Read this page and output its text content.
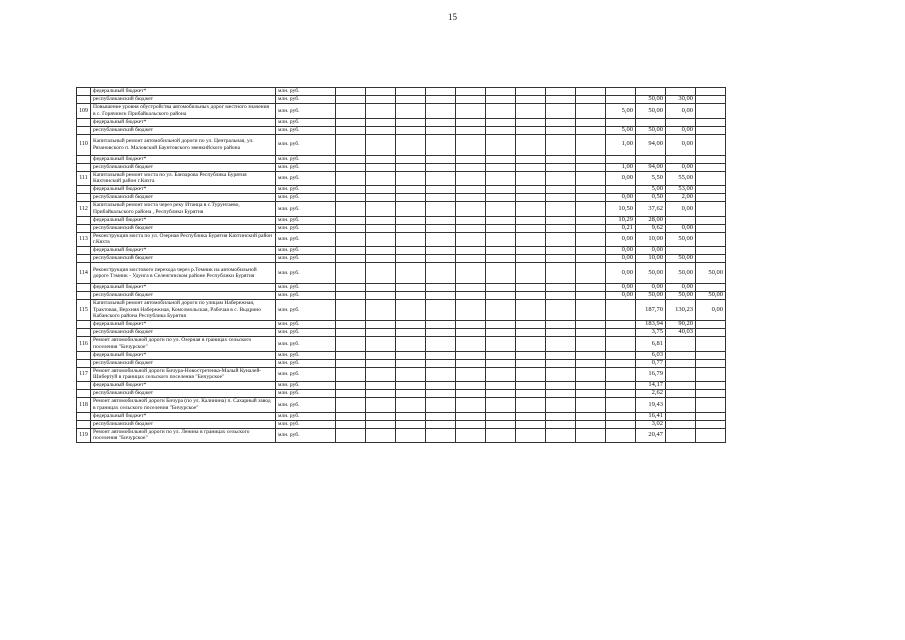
15
	федеральный бюджет*	млн. руб.													
	республиканский бюджет	млн. руб.											50,00	30,00	
109	Повышение уровня обустройства автомобильных дорог местного значения в с. Горячинск Прибайкальского района	млн. руб.										5,00	50,00	0,00	
	федеральный бюджет*	млн. руб.													
	республиканский бюджет	млн. руб.										5,00	50,00	0,00	
110	Капитальный ремонт автомобильной дороги по ул. Центральная, ул. Рязановского п. Маловский Баунтовского эвенкийского района	млн. руб.										1,00	94,00	0,00	
	федеральный бюджет*	млн. руб.													
	республиканский бюджет	млн. руб.										1,00	94,00	0,00	
111	Капитальный ремонт моста по ул. Банзарова Республика Бурятия Кяхтинский район г.Кяхта	млн. руб.										0,00	5,50	55,00	
	федеральный бюджет*	млн. руб.											5,00	53,00	
	республиканский бюджет	млн. руб.										0,00	0,50	2,00	
112	Капитальный ремонт моста через реку Итанца в с.Турунтаево, Прибайкальского района , Республики Бурятия	млн. руб.										10,50	37,62	0,00	
	федеральный бюджет*	млн. руб.										10,29	28,00		
	республиканский бюджет	млн. руб.										0,21	9,62	0,00	
113	Реконструкция моста по ул. Озерная Республика Бурятия Кяхтинский район г.Кяхта	млн. руб.										0,00	10,00	50,00	
	федеральный бюджет*	млн. руб.										0,00	0,00		
	республиканский бюджет	млн. руб.										0,00	10,00	50,00	
114	Реконструкция мостового перехода через р.Темник на автомобильной дороге Тэмник - Удунга в Селенгинском районе Республики Бурятия	млн. руб.										0,00	50,00	50,00	50,00
	федеральный бюджет*	млн. руб.										0,00	0,00	0,00	
	республиканский бюджет	млн. руб.										0,00	50,00	50,00	50,00
115	Капитальный ремонт автомобильной дороги по улицам Набережная, Трактовая, Верхняя Набережная, Комсомольская, Рабочая в с. Выдрино Кабанского района Республика Бурятия	млн. руб.											187,70	130,23	0,00
	федеральный бюджет*	млн. руб.											183,94	90,20	
	республиканский бюджет	млн. руб.											3,75	40,03	
116	Ремонт автомобильной дороги по ул. Озерная в границах сельского поселения "Бичурское"	млн. руб.											6,81		
	федеральный бюджет*	млн. руб.											6,03		
	республиканский бюджет	млн. руб.											0,77		
117	Ремонт автомобильной дороги Бичура-Новостретенка-Малый Куналей-Шибертуй в границах сельского поселения "Бичурское"	млн. руб.											16,79		
	федеральный бюджет*	млн. руб.											14,17		
	республиканский бюджет	млн. руб.											2,62		
118	Ремонт автомобильной дороги Бичура (по ул. Калинина) п. Сахарный завод в границах сельского поселения "Бичурское"	млн. руб.											19,43		
	федеральный бюджет*	млн. руб.											16,41		
	республиканский бюджет	млн. руб.											3,02		
119	Ремонт автомобильной дороги по ул. Ленина в границах сельского поселения "Бичурское"	млн. руб.											20,47		
